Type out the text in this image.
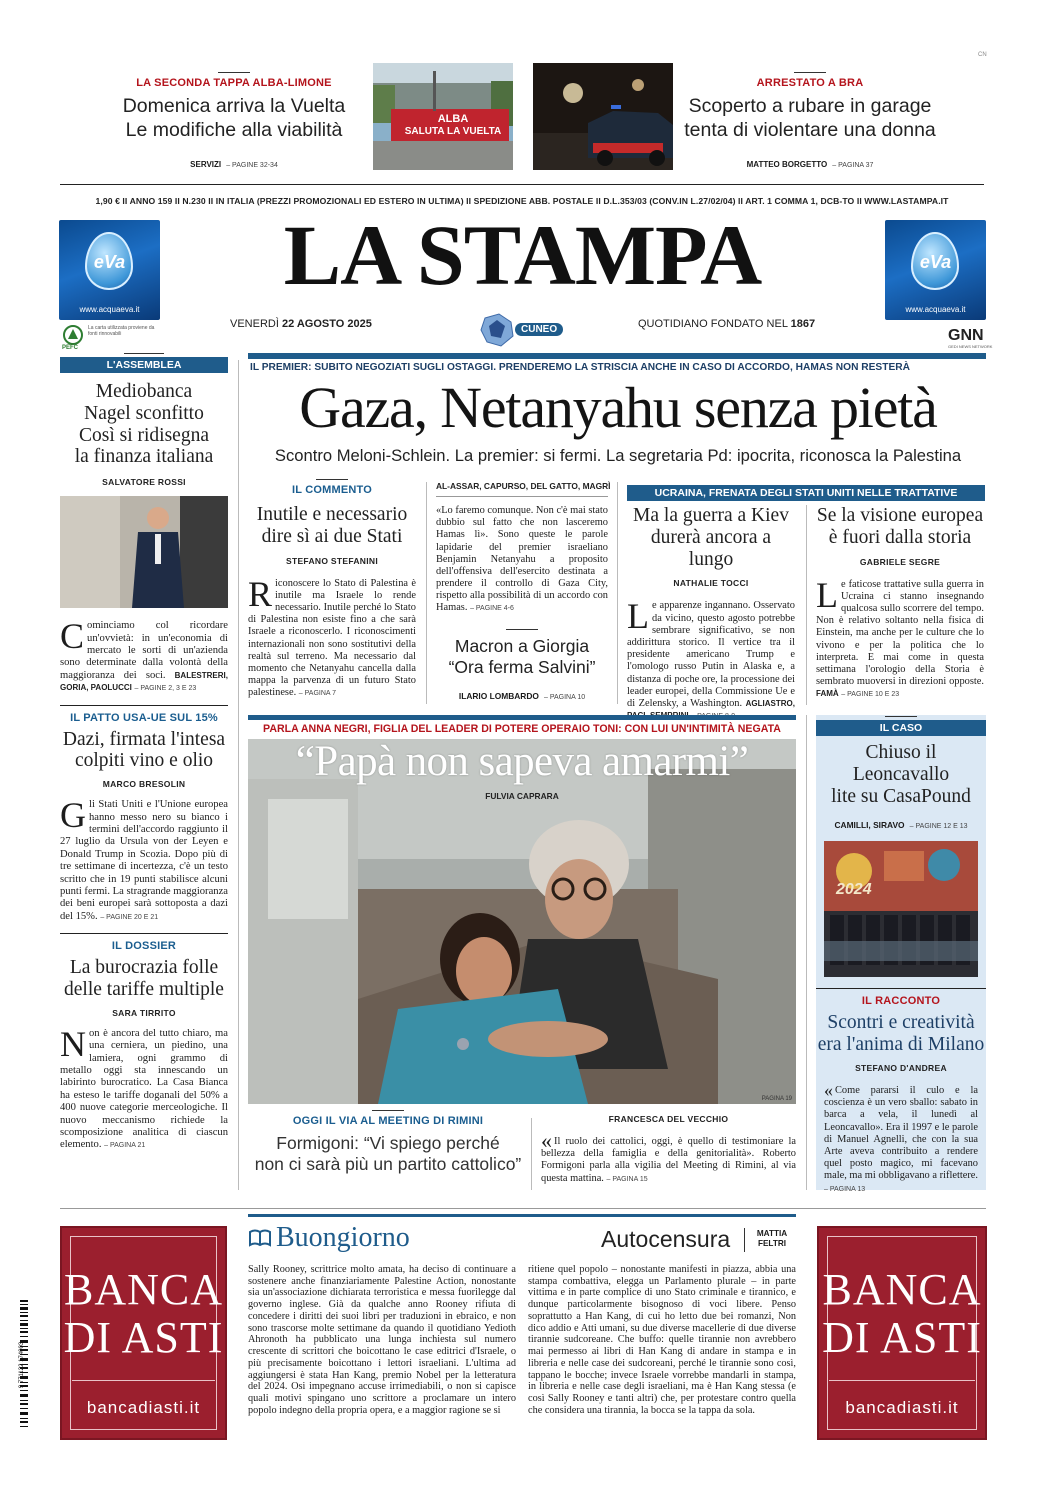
CN
LA SECONDA TAPPA ALBA-LIMONE
Domenica arriva la Vuelta
Le modifiche alla viabilità
SERVIZI – PAGINE 32-34
ALBA
SALUTA LA VUELTA
ARRESTATO A BRA
Scoperto a rubare in garage
tenta di violentare una donna
MATTEO BORGETTO – PAGINA 37
1,90 € II ANNO 159 II N.230 II IN ITALIA (PREZZI PROMOZIONALI ED ESTERO IN ULTIMA) II SPEDIZIONE ABB. POSTALE II D.L.353/03 (CONV.IN L.27/02/04) II ART. 1 COMMA 1, DCB-TO II WWW.LASTAMPA.IT
eVa
www.acquaeva.it
eVa
www.acquaeva.it
PEFC
La carta utilizzata proviene da fonti rinnovabili
LA STAMPA
VENERDÌ 22 AGOSTO 2025	CUNEO	QUOTIDIANO FONDATO NEL 1867
GNN
GEDI NEWS NETWORK
L'ASSEMBLEA
Mediobanca
Nagel sconfitto
Così si ridisegna
la finanza italiana
SALVATORE ROSSI
Cominciamo col ricordare un'ovvietà: in un'economia di mercato le sorti di un'azienda sono determinate dalla volontà della maggioranza dei soci. BALESTRERI, GORIA, PAOLUCCI – PAGINE 2, 3 E 23
IL PATTO USA-UE SUL 15%
Dazi, firmata l'intesa
colpiti vino e olio
MARCO BRESOLIN
Gli Stati Uniti e l'Unione europea hanno messo nero su bianco i termini dell'accordo raggiunto il 27 luglio da Ursula von der Leyen e Donald Trump in Scozia. Dopo più di tre settimane di incertezza, c'è un testo scritto che in 19 punti stabilisce alcuni punti fermi. La stragrande maggioranza dei beni europei sarà sottoposta a dazi del 15%. – PAGINE 20 E 21
IL DOSSIER
La burocrazia folle
delle tariffe multiple
SARA TIRRITO
Non è ancora del tutto chiaro, ma una cerniera, un piedino, una lamiera, ogni grammo di metallo oggi sta innescando un labirinto burocratico. La Casa Bianca ha esteso le tariffe doganali del 50% a 400 nuove categorie merceologiche. Il nuovo meccanismo richiede la scomposizione analitica di ciascun elemento. – PAGINA 21
IL PREMIER: SUBITO NEGOZIATI SUGLI OSTAGGI. PRENDEREMO LA STRISCIA ANCHE IN CASO DI ACCORDO, HAMAS NON RESTERÀ
Gaza, Netanyahu senza pietà
Scontro Meloni-Schlein. La premier: si fermi. La segretaria Pd: ipocrita, riconosca la Palestina
IL COMMENTO
Inutile e necessario
dire sì ai due Stati
STEFANO STEFANINI
Riconoscere lo Stato di Palestina è inutile ma Israele lo rende necessario. Inutile perché lo Stato di Palestina non esiste fino a che sarà Israele a riconoscerlo. I riconoscimenti internazionali non sono sostitutivi della realtà sul terreno. Ma necessario dal momento che Netanyahu cancella dalla mappa la parvenza di un futuro Stato palestinese. – PAGINA 7
AL-ASSAR, CAPURSO, DEL GATTO, MAGRÌ
«Lo faremo comunque. Non c'è mai stato dubbio sul fatto che non lasceremo Hamas lì». Sono queste le parole lapidarie del premier israeliano Benjamin Netanyahu a proposito dell'offensiva dell'esercito destinata a prendere il controllo di Gaza City, rispetto alla possibilità di un accordo con Hamas. – PAGINE 4-6
Macron a Giorgia
“Ora ferma Salvini”
ILARIO LOMBARDO – PAGINA 10
UCRAINA, FRENATA DEGLI STATI UNITI NELLE TRATTATIVE
Ma la guerra a Kiev
durerà ancora a lungo
NATHALIE TOCCI
Le apparenze ingannano. Osservato da vicino, questo agosto potrebbe sembrare significativo, se non addirittura storico. Il vertice tra il presidente americano Trump e l'omologo russo Putin in Alaska e, a distanza di poche ore, la processione dei leader europei, della Commissione Ue e di Zelensky, a Washington. AGLIASTRO,
Se la visione europea
è fuori dalla storia
GABRIELE SEGRE
Le faticose trattative sulla guerra in Ucraina ci stanno insegnando qualcosa sullo scorrere del tempo. Non è relativo soltanto nella fisica di Einstein, ma anche per le culture che lo vivono e per la politica che lo interpreta. E mai come in questa settimana l'orologio della Storia è sembrato muoversi in direzioni opposte. FAMÀ – PAGINE 10 E 23
PARLA ANNA NEGRI, FIGLIA DEL LEADER DI POTERE OPERAIO TONI: CON LUI UN'INTIMITÀ NEGATA
“Papà non sapeva amarmi”
FULVIA CAPRARA
PAGINA 19
OGGI IL VIA AL MEETING DI RIMINI
Formigoni: “Vi spiego perché
non ci sarà più un partito cattolico”
FRANCESCA DEL VECCHIO
« Il ruolo dei cattolici, oggi, è quello di testimoniare la bellezza della famiglia e della genitorialità». Roberto Formigoni parla alla vigilia del Meeting di Rimini, al via questa mattina. – PAGINA 15
IL CASO
Chiuso il Leoncavallo
lite su CasaPound
CAMILLI, SIRAVO – PAGINE 12 E 13
2024
IL RACCONTO
Scontri e creatività
era l'anima di Milano
STEFANO D'ANDREA
« Come pararsi il culo e la coscienza è un vero sballo: sabato in barca a vela, il lunedì al Leoncavallo». Era il 1997 e le parole di Manuel Agnelli, che con la sua Arte aveva contribuito a rendere quel posto magico, mi facevano male, ma mi obbligavano a riflettere. – PAGINA 13
BANCA
DI ASTI
bancadiasti.it
BANCA
DI ASTI
bancadiasti.it
9 771122 174003
Buongiorno	Autocensura	MATTIA
FELTRI
Sally Rooney, scrittrice molto amata, ha deciso di continuare a sostenere anche finanziariamente Palestine Action, nonostante sia un'associazione dichiarata terroristica e messa fuorilegge dal governo inglese. Già da qualche anno Rooney rifiuta di concedere i diritti dei suoi libri per traduzioni in ebraico, e non sono trascorse molte settimane da quando il quotidiano Yedioth Ahronoth ha pubblicato una lunga inchiesta sul numero crescente di scrittori che boicottano le case editrici d'Israele, o più precisamente boicottano i lettori israeliani. L'ultima ad aggiungersi è stata Han Kang, premio Nobel per la letteratura del 2024. Osi impegnano accuse irrimediabili, o non si capisce quali motivi spingano uno scrittore a proclamare un intero popolo indegno della propria opera, e a maggior ragione se si
ritiene quel popolo – nonostante manifesti in piazza, abbia una stampa combattiva, elegga un Parlamento plurale – in parte vittima e in parte complice di uno Stato criminale e tirannico, e dunque particolarmente bisognoso di voci libere. Penso soprattutto a Han Kang, di cui ho letto due bei romanzi, Non dico addio e Atti umani, su due diverse macellerie di due diverse tirannie sudcoreane. Che buffo: quelle tirannie non avrebbero mai permesso ai libri di Han Kang di andare in stampa e in libreria e nelle case dei sudcoreani, perché le tirannie sono così, tappano le bocche; invece Israele vorrebbe mandarli in stampa, in libreria e nelle case degli israeliani, ma è Han Kang stessa (e così Sally Rooney e tanti altri) che, per protestare contro quella che considera una tirannia, la bocca se la tappa da sola.
